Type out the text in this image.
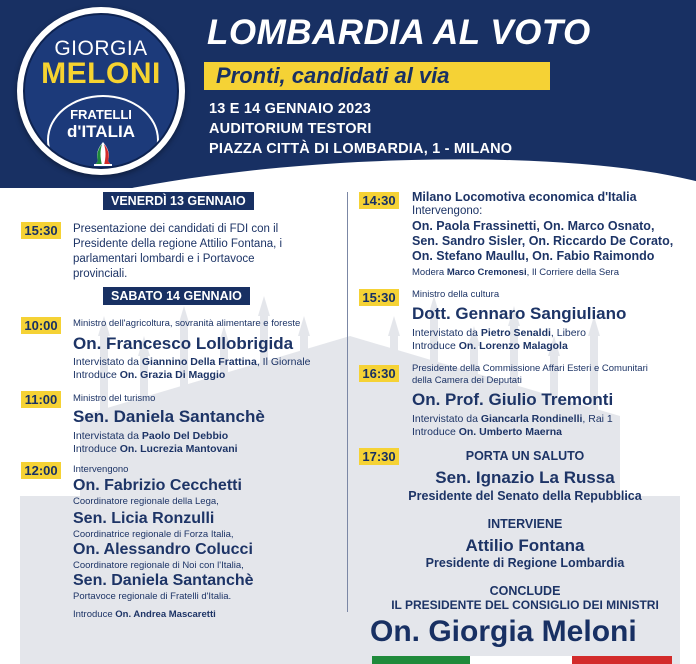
GIORGIA
MELONI
FRATELLI
d'ITALIA
LOMBARDIA AL VOTO
Pronti, candidati al via
13 E 14 GENNAIO 2023
AUDITORIUM TESTORI
PIAZZA CITTÀ DI LOMBARDIA, 1 - MILANO
VENERDÌ 13 GENNAIO
15:30 Presentazione dei candidati di FDI con il
Presidente della regione Attilio Fontana, i
parlamentari lombardi e i Portavoce
provinciali.
SABATO 14 GENNAIO
10:00	Ministro dell'agricoltura, sovranità alimentare e foreste
On. Francesco Lollobrigida
Intervistato da Giannino Della Frattina, Il Giornale
Introduce On. Grazia Di Maggio
11:00	Ministro del turismo
Sen. Daniela Santanchè
Intervistata da Paolo Del Debbio
Introduce On. Lucrezia Mantovani
12:00	Intervengono
On. Fabrizio Cecchetti
Coordinatore regionale della Lega,
Sen. Licia Ronzulli
Coordinatrice regionale di Forza Italia,
On. Alessandro Colucci
Coordinatore regionale di Noi con l'Italia,
Sen. Daniela Santanchè
Portavoce regionale di Fratelli d'Italia.
Introduce On. Andrea Mascaretti
14:30 Milano Locomotiva economica d'Italia
Intervengono:
On. Paola Frassinetti, On. Marco Osnato,
Sen. Sandro Sisler, On. Riccardo De Corato,
On. Stefano Maullu, On. Fabio Raimondo
Modera Marco Cremonesi, Il Corriere della Sera
15:30	Ministro della cultura
Dott. Gennaro Sangiuliano
Intervistato da Pietro Senaldi, Libero
Introduce On. Lorenzo Malagola
16:30	Presidente della Commissione Affari Esteri e Comunitari
della Camera dei Deputati
On. Prof. Giulio Tremonti
Intervistato da Giancarla Rondinelli, Rai 1
Introduce On. Umberto Maerna
17:30	PORTA UN SALUTO
Sen. Ignazio La Russa
Presidente del Senato della Repubblica
INTERVIENE
Attilio Fontana
Presidente di Regione Lombardia
CONCLUDE
IL PRESIDENTE DEL CONSIGLIO DEI MINISTRI
On. Giorgia Meloni
